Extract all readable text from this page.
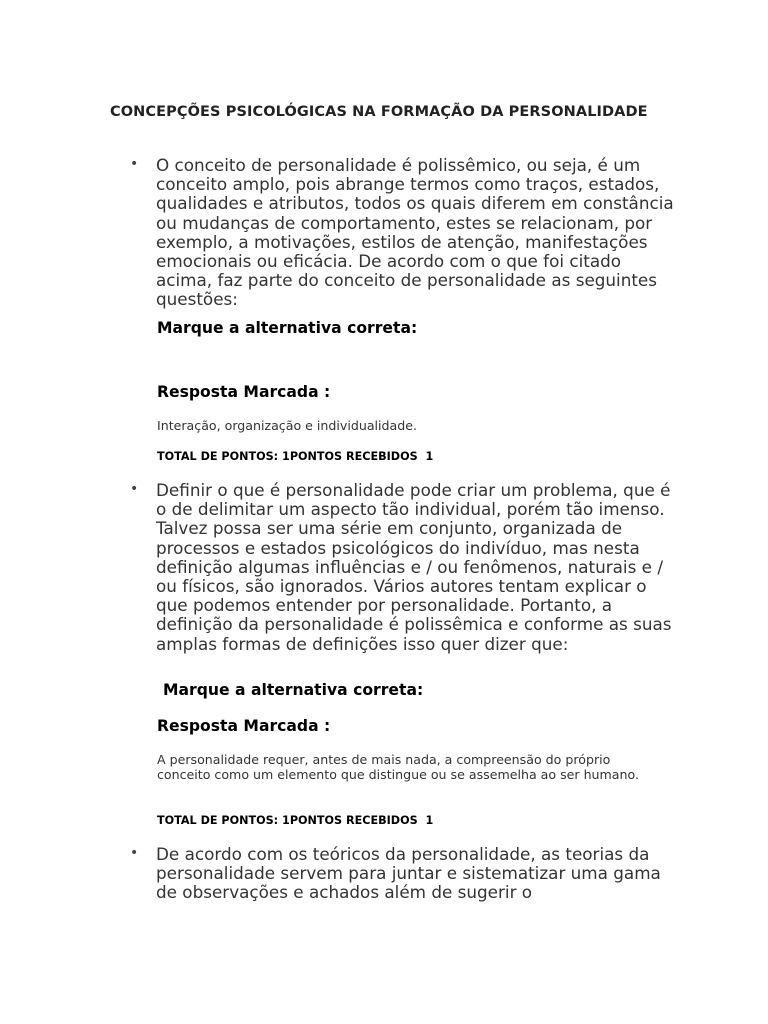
CONCEPÇÕES PSICOLÓGICAS NA FORMAÇÃO DA PERSONALIDADE
• O conceito de personalidade é polissêmico, ou seja, é um conceito amplo, pois abrange termos como traços, estados, qualidades e atributos, todos os quais diferem em constância ou mudanças de comportamento, estes se relacionam, por exemplo, a motivações, estilos de atenção, manifestações emocionais ou eficácia. De acordo com o que foi citado acima, faz parte do conceito de personalidade as seguintes questões:
Marque a alternativa correta:
Resposta Marcada :
Interação, organização e individualidade.
TOTAL DE PONTOS: 1PONTOS RECEBIDOS  1
• Definir o que é personalidade pode criar um problema, que é o de delimitar um aspecto tão individual, porém tão imenso. Talvez possa ser uma série em conjunto, organizada de processos e estados psicológicos do indivíduo, mas nesta definição algumas influências e / ou fenômenos, naturais e / ou físicos, são ignorados. Vários autores tentam explicar o que podemos entender por personalidade. Portanto, a definição da personalidade é polissêmica e conforme as suas amplas formas de definições isso quer dizer que:
Marque a alternativa correta:
Resposta Marcada :
A personalidade requer, antes de mais nada, a compreensão do próprio conceito como um elemento que distingue ou se assemelha ao ser humano.
TOTAL DE PONTOS: 1PONTOS RECEBIDOS  1
• De acordo com os teóricos da personalidade, as teorias da personalidade servem para juntar e sistematizar uma gama de observações e achados além de sugerir o
